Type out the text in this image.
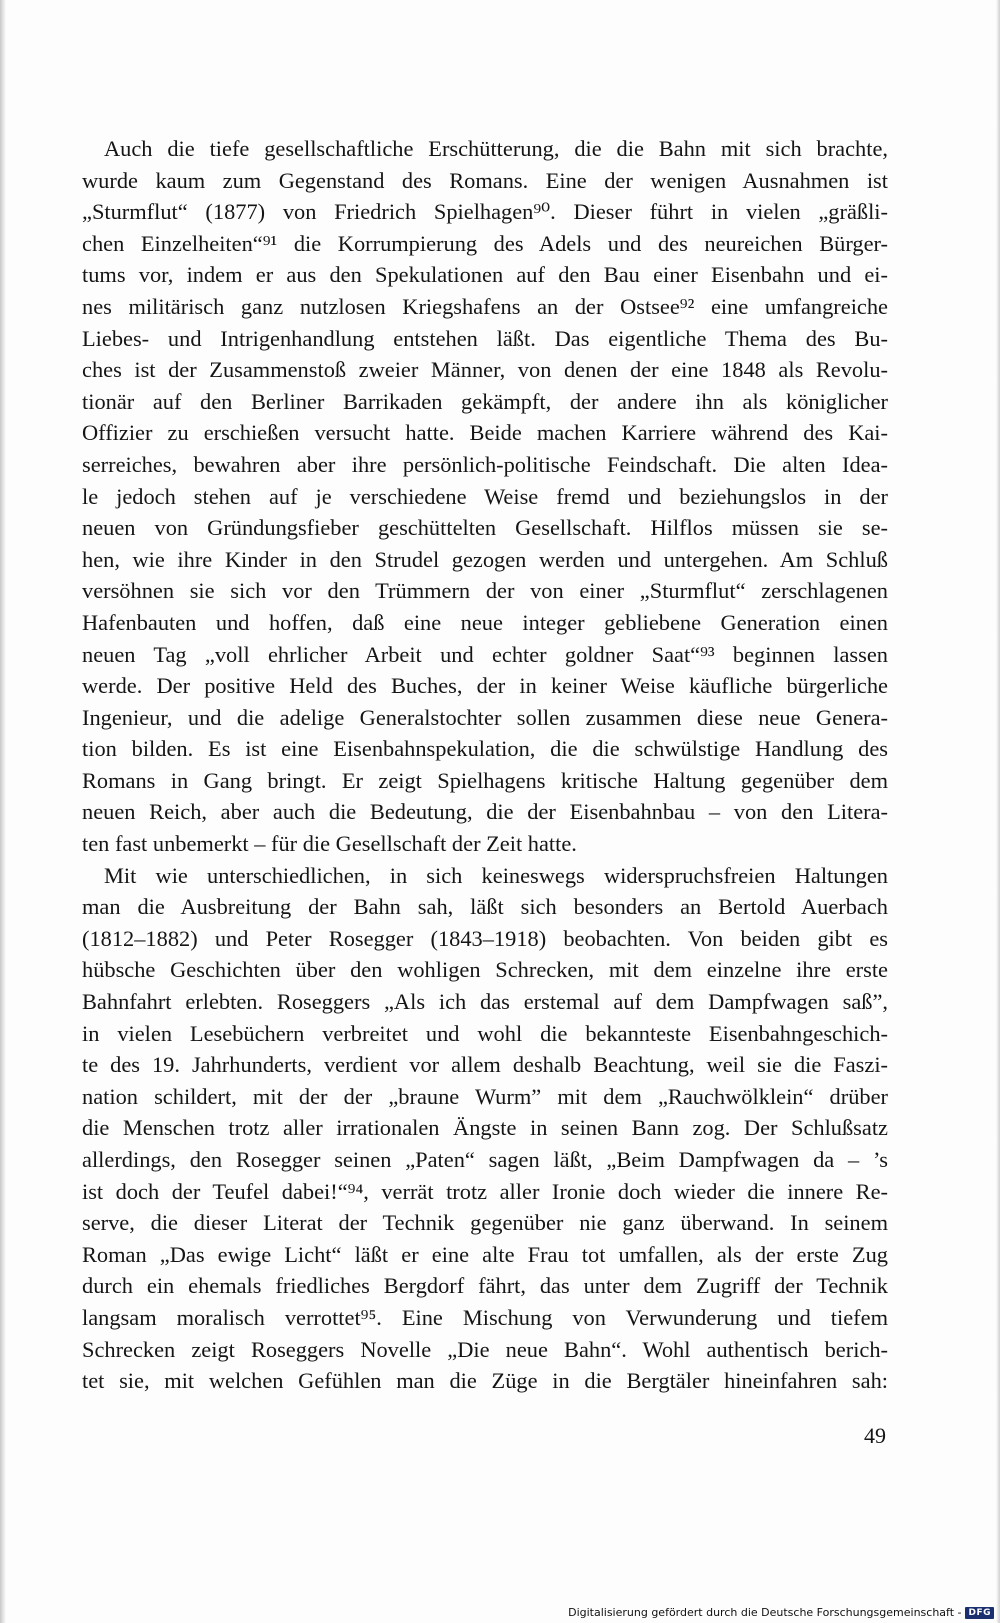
Auch die tiefe gesellschaftliche Erschütterung, die die Bahn mit sich brachte,
wurde kaum zum Gegenstand des Romans. Eine der wenigen Ausnahmen ist
„Sturmflut“ (1877) von Friedrich Spielhagen⁹⁰. Dieser führt in vielen „gräßli-
chen Einzelheiten“⁹¹ die Korrumpierung des Adels und des neureichen Bürger-
tums vor, indem er aus den Spekulationen auf den Bau einer Eisenbahn und ei-
nes militärisch ganz nutzlosen Kriegshafens an der Ostsee⁹² eine umfangreiche
Liebes- und Intrigenhandlung entstehen läßt. Das eigentliche Thema des Bu-
ches ist der Zusammenstoß zweier Männer, von denen der eine 1848 als Revolu-
tionär auf den Berliner Barrikaden gekämpft, der andere ihn als königlicher
Offizier zu erschießen versucht hatte. Beide machen Karriere während des Kai-
serreiches, bewahren aber ihre persönlich-politische Feindschaft. Die alten Idea-
le jedoch stehen auf je verschiedene Weise fremd und beziehungslos in der
neuen von Gründungsfieber geschüttelten Gesellschaft. Hilflos müssen sie se-
hen, wie ihre Kinder in den Strudel gezogen werden und untergehen. Am Schluß
versöhnen sie sich vor den Trümmern der von einer „Sturmflut“ zerschlagenen
Hafenbauten und hoffen, daß eine neue integer gebliebene Generation einen
neuen Tag „voll ehrlicher Arbeit und echter goldner Saat“⁹³ beginnen lassen
werde. Der positive Held des Buches, der in keiner Weise käufliche bürgerliche
Ingenieur, und die adelige Generalstochter sollen zusammen diese neue Genera-
tion bilden. Es ist eine Eisenbahnspekulation, die die schwülstige Handlung des
Romans in Gang bringt. Er zeigt Spielhagens kritische Haltung gegenüber dem
neuen Reich, aber auch die Bedeutung, die der Eisenbahnbau – von den Litera-
ten fast unbemerkt – für die Gesellschaft der Zeit hatte.
Mit wie unterschiedlichen, in sich keineswegs widerspruchsfreien Haltungen
man die Ausbreitung der Bahn sah, läßt sich besonders an Bertold Auerbach
(1812–1882) und Peter Rosegger (1843–1918) beobachten. Von beiden gibt es
hübsche Geschichten über den wohligen Schrecken, mit dem einzelne ihre erste
Bahnfahrt erlebten. Roseggers „Als ich das erstemal auf dem Dampfwagen saß”,
in vielen Lesebüchern verbreitet und wohl die bekannteste Eisenbahngeschich-
te des 19. Jahrhunderts, verdient vor allem deshalb Beachtung, weil sie die Faszi-
nation schildert, mit der der „braune Wurm” mit dem „Rauchwölklein“ drüber
die Menschen trotz aller irrationalen Ängste in seinen Bann zog. Der Schlußsatz
allerdings, den Rosegger seinen „Paten“ sagen läßt, „Beim Dampfwagen da – ’s
ist doch der Teufel dabei!“⁹⁴, verrät trotz aller Ironie doch wieder die innere Re-
serve, die dieser Literat der Technik gegenüber nie ganz überwand. In seinem
Roman „Das ewige Licht“ läßt er eine alte Frau tot umfallen, als der erste Zug
durch ein ehemals friedliches Bergdorf fährt, das unter dem Zugriff der Technik
langsam moralisch verrottet⁹⁵. Eine Mischung von Verwunderung und tiefem
Schrecken zeigt Roseggers Novelle „Die neue Bahn“. Wohl authentisch berich-
tet sie, mit welchen Gefühlen man die Züge in die Bergtäler hineinfahren sah:
49
Digitalisierung gefördert durch die Deutsche Forschungsgemeinschaft - DFG
